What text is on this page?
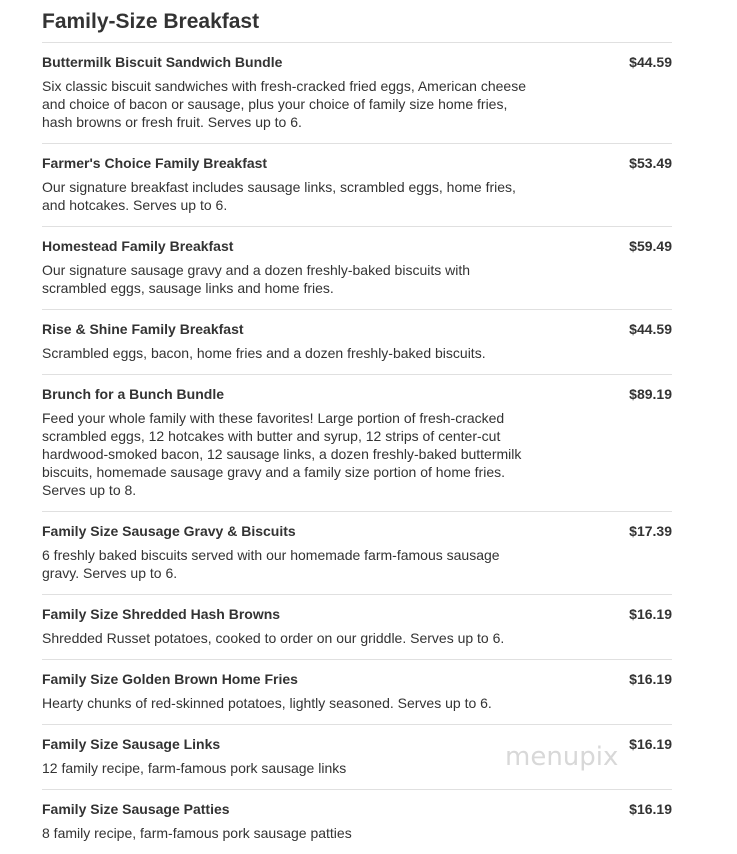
Family-Size Breakfast
Buttermilk Biscuit Sandwich Bundle	$44.59
Six classic biscuit sandwiches with fresh-cracked fried eggs, American cheese and choice of bacon or sausage, plus your choice of family size home fries, hash browns or fresh fruit. Serves up to 6.
Farmer's Choice Family Breakfast	$53.49
Our signature breakfast includes sausage links, scrambled eggs, home fries, and hotcakes. Serves up to 6.
Homestead Family Breakfast	$59.49
Our signature sausage gravy and a dozen freshly-baked biscuits with scrambled eggs, sausage links and home fries.
Rise & Shine Family Breakfast	$44.59
Scrambled eggs, bacon, home fries and a dozen freshly-baked biscuits.
Brunch for a Bunch Bundle	$89.19
Feed your whole family with these favorites! Large portion of fresh-cracked scrambled eggs, 12 hotcakes with butter and syrup, 12 strips of center-cut hardwood-smoked bacon, 12 sausage links, a dozen freshly-baked buttermilk biscuits, homemade sausage gravy and a family size portion of home fries. Serves up to 8.
Family Size Sausage Gravy & Biscuits	$17.39
6 freshly baked biscuits served with our homemade farm-famous sausage gravy. Serves up to 6.
Family Size Shredded Hash Browns	$16.19
Shredded Russet potatoes, cooked to order on our griddle. Serves up to 6.
Family Size Golden Brown Home Fries	$16.19
Hearty chunks of red-skinned potatoes, lightly seasoned. Serves up to 6.
Family Size Sausage Links	$16.19
12 family recipe, farm-famous pork sausage links
Family Size Sausage Patties	$16.19
8 family recipe, farm-famous pork sausage patties
menupix
